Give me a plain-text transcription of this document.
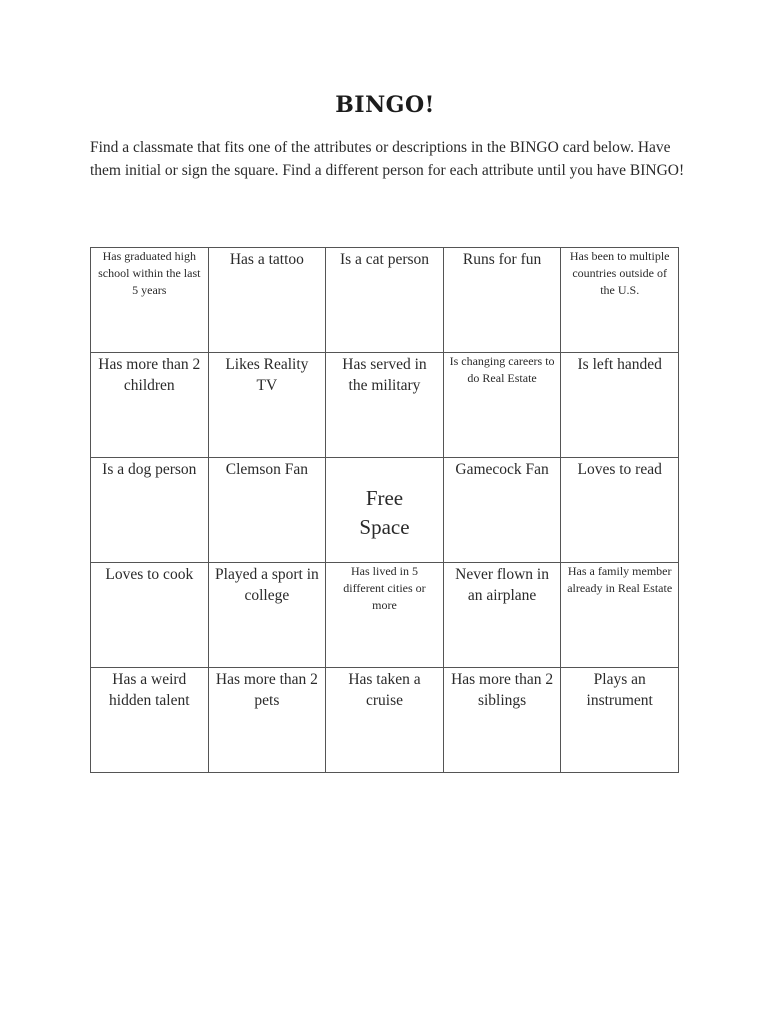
BINGO!
Find a classmate that fits one of the attributes or descriptions in the BINGO card below. Have them initial or sign the square. Find a different person for each attribute until you have BINGO!
Has graduated high school within the last 5 years	Has a tattoo	Is a cat person	Runs for fun	Has been to multiple countries outside of the U.S.

Has more than 2 children	Likes Reality TV	Has served in the military	Is changing careers to do Real Estate	Is left handed

Is a dog person	Clemson Fan	Free Space	Gamecock Fan	Loves to read

Loves to cook	Played a sport in college	Has lived in 5 different cities or more	Never flown in an airplane	Has a family member already in Real Estate

Has a weird hidden talent	Has more than 2 pets	Has taken a cruise	Has more than 2 siblings	Plays an instrument
